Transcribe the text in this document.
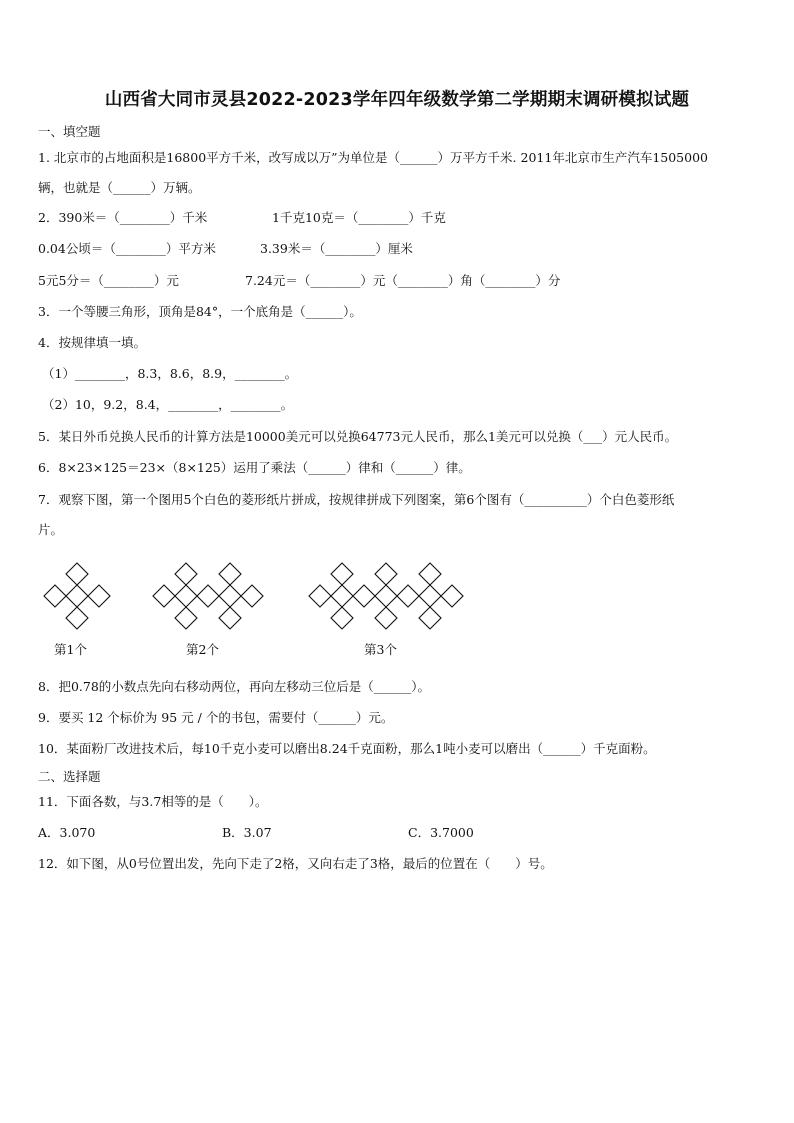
山西省大同市灵县2022-2023学年四年级数学第二学期期末调研模拟试题
一、填空题
1. 北京市的占地面积是16800平方千米，改写成以万”为单位是（______）万平方千米. 2011年北京市生产汽车1505000
辆，也就是（______）万辆。
2．390米＝（________）千米	1千克10克＝（________）千克
0.04公顷＝（________）平方米	3.39米＝（________）厘米
5元5分＝（________）元	7.24元＝（________）元（________）角（________）分
3．一个等腰三角形，顶角是84°，一个底角是（______）。
4．按规律填一填。
（1）________，8.3，8.6，8.9，________。
（2）10，9.2，8.4，________，________。
5．某日外币兑换人民币的计算方法是10000美元可以兑换64773元人民币，那么1美元可以兑换（___）元人民币。
6．8×23×125＝23×（8×125）运用了乘法（______）律和（______）律。
7．观察下图，第一个图用5个白色的菱形纸片拼成，按规律拼成下列图案，第6个图有（__________）个白色菱形纸
片。
第1个	第2个	第3个
8．把0.78的小数点先向右移动两位，再向左移动三位后是（______）。
9．要买 12 个标价为 95 元 / 个的书包，需要付（______）元。
10．某面粉厂改进技术后，每10千克小麦可以磨出8.24千克面粉，那么1吨小麦可以磨出（______）千克面粉。
二、选择题
11．下面各数，与3.7相等的是（　　）。
A．3.070	B．3.07	C．3.7000
12．如下图，从0号位置出发，先向下走了2格，又向右走了3格，最后的位置在（　　）号。
